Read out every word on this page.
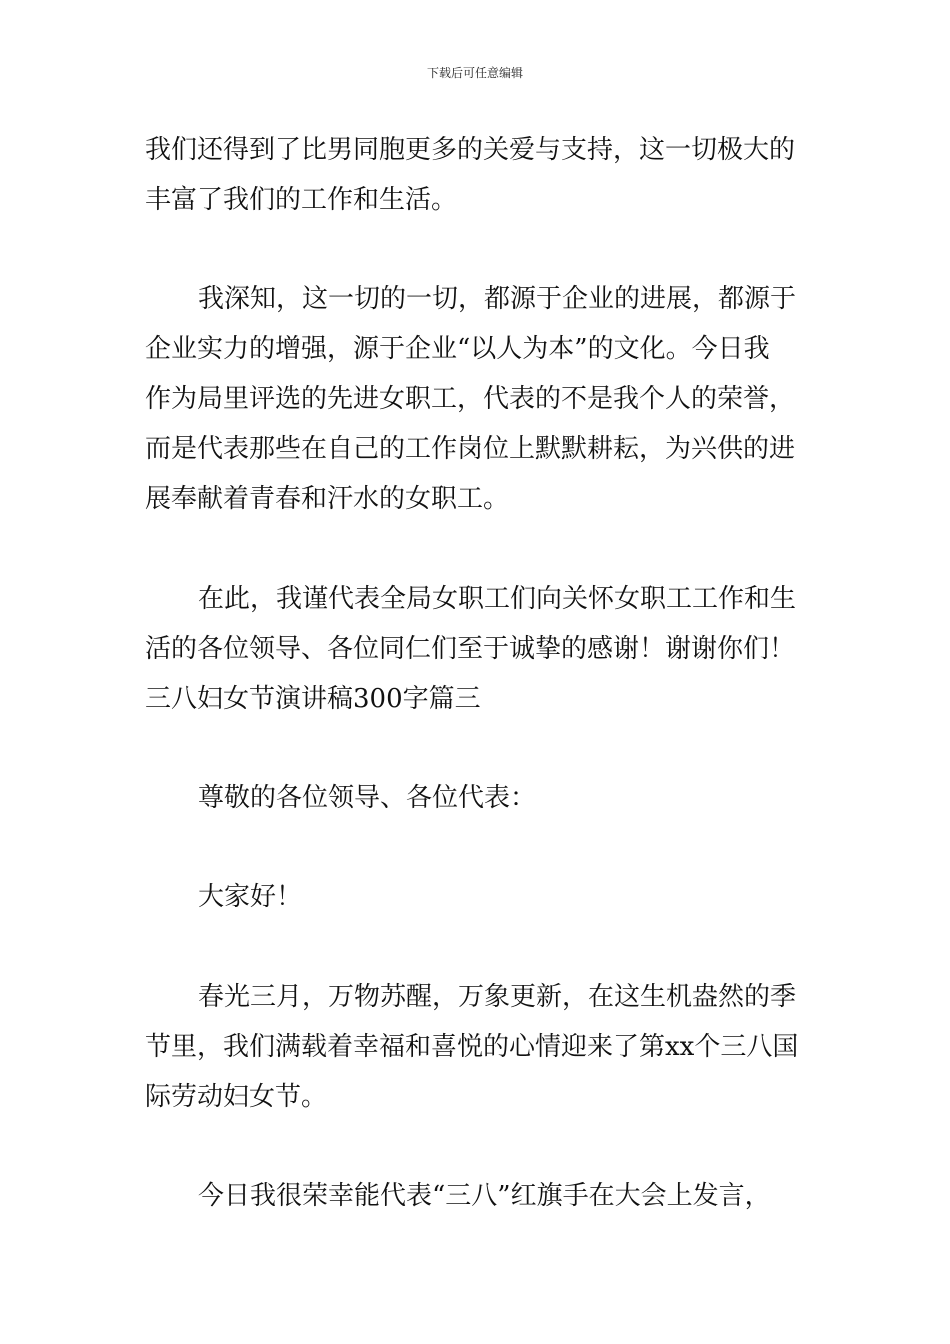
下载后可任意编辑
我们还得到了比男同胞更多的关爱与支持，这一切极大的
丰富了我们的工作和生活。
我深知，这一切的一切，都源于企业的进展，都源于
企业实力的增强，源于企业“以人为本”的文化。今日我
作为局里评选的先进女职工，代表的不是我个人的荣誉，
而是代表那些在自己的工作岗位上默默耕耘，为兴供的进
展奉献着青春和汗水的女职工。
在此，我谨代表全局女职工们向关怀女职工工作和生
活的各位领导、各位同仁们至于诚挚的感谢！谢谢你们！
三八妇女节演讲稿300字篇三
尊敬的各位领导、各位代表：
大家好！
春光三月，万物苏醒，万象更新，在这生机盎然的季
节里，我们满载着幸福和喜悦的心情迎来了第xx个三八国
际劳动妇女节。
今日我很荣幸能代表“三八”红旗手在大会上发言，
